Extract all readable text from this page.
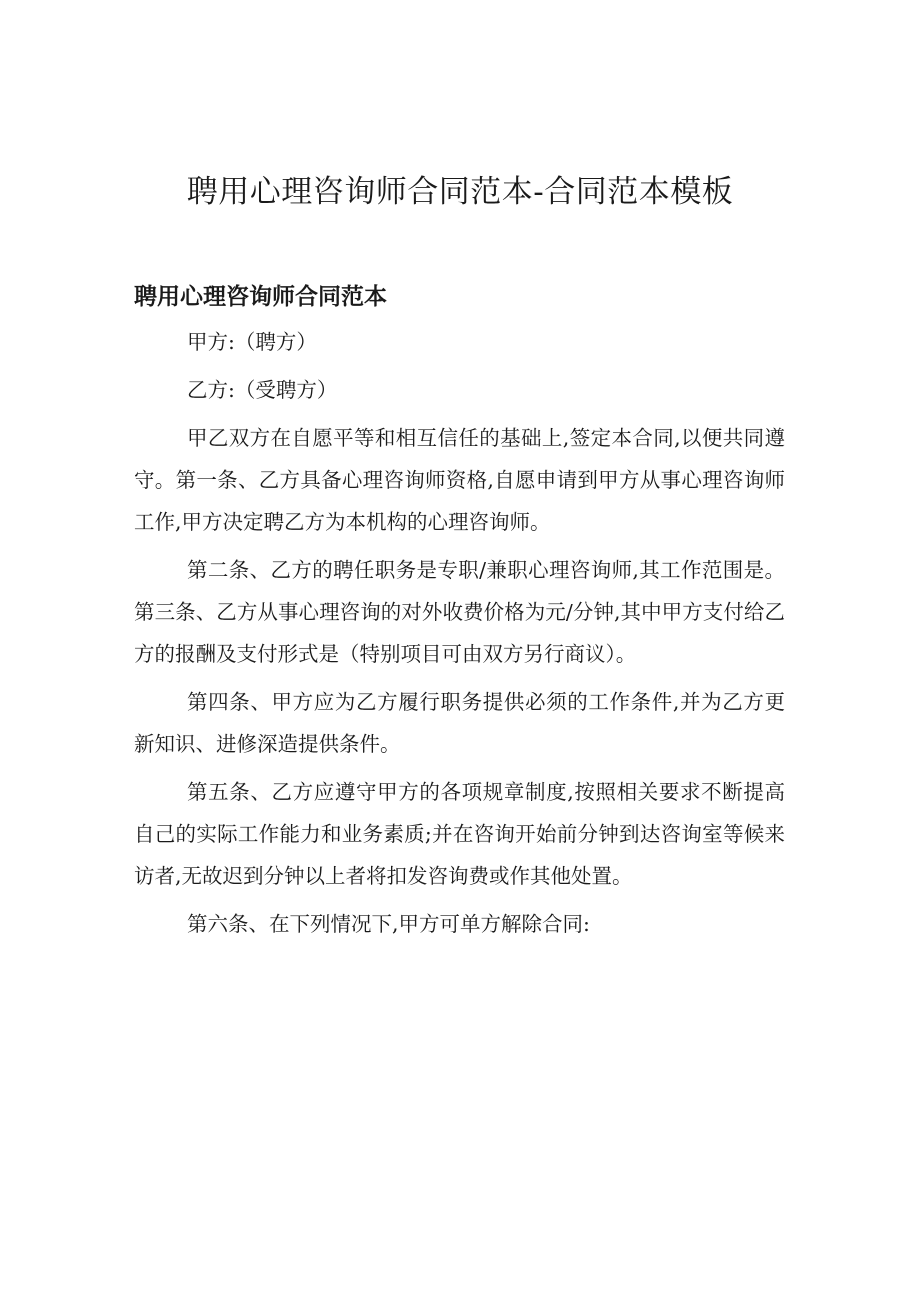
聘用心理咨询师合同范本-合同范本模板
聘用心理咨询师合同范本

甲方:（聘方）

乙方:（受聘方）

甲乙双方在自愿平等和相互信任的基础上,签定本合同,以便共同遵守。第一条、乙方具备心理咨询师资格,自愿申请到甲方从事心理咨询师工作,甲方决定聘乙方为本机构的心理咨询师。

第二条、乙方的聘任职务是专职/兼职心理咨询师,其工作范围是。第三条、乙方从事心理咨询的对外收费价格为元/分钟,其中甲方支付给乙方的报酬及支付形式是（特别项目可由双方另行商议）。

第四条、甲方应为乙方履行职务提供必须的工作条件,并为乙方更新知识、进修深造提供条件。

第五条、乙方应遵守甲方的各项规章制度,按照相关要求不断提高自己的实际工作能力和业务素质;并在咨询开始前分钟到达咨询室等候来访者,无故迟到分钟以上者将扣发咨询费或作其他处置。

第六条、在下列情况下,甲方可单方解除合同:
